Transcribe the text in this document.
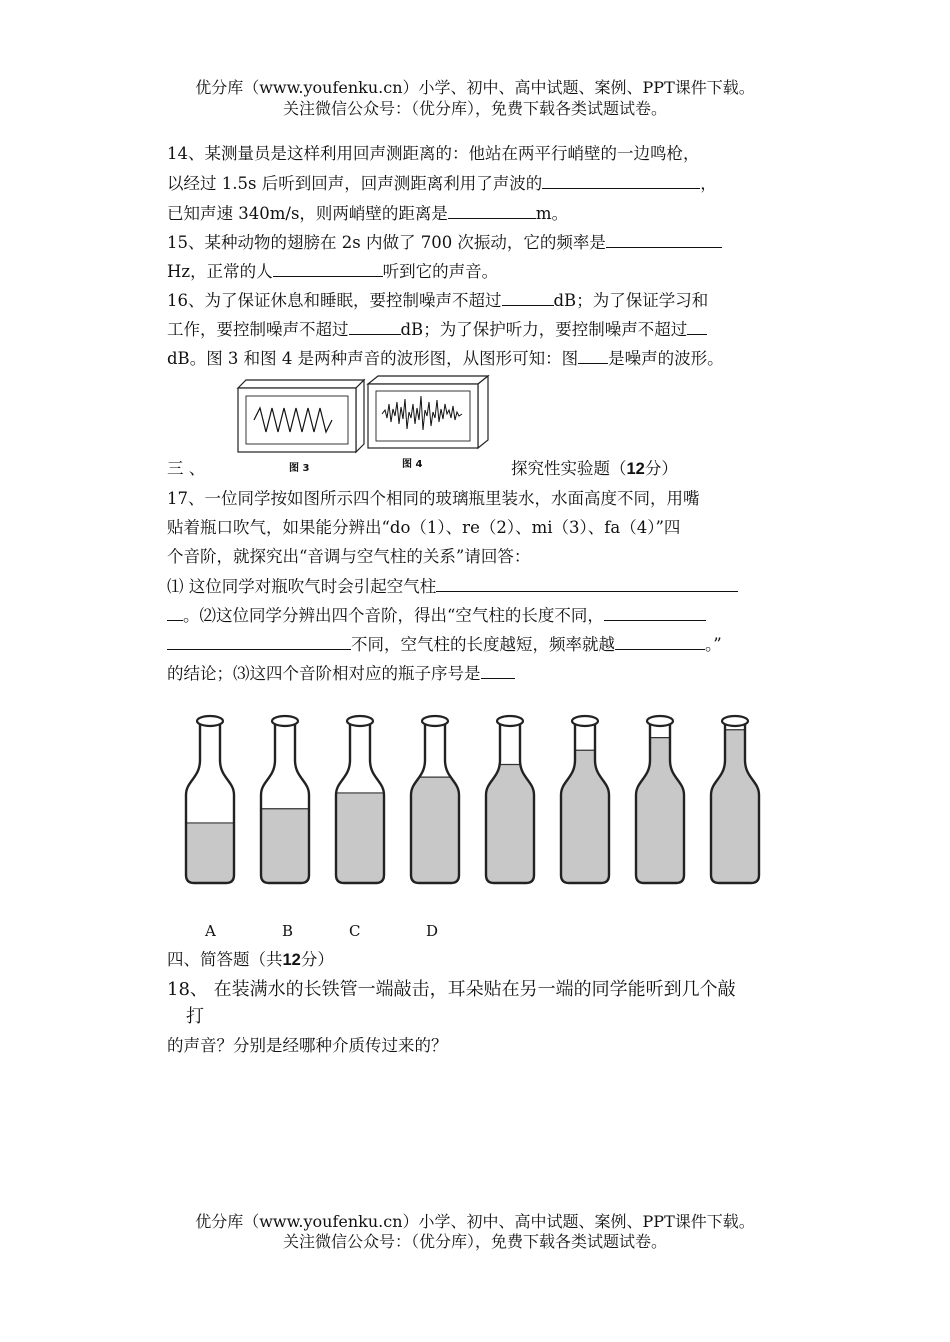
优分库（www.youfenku.cn）小学、初中、高中试题、案例、PPT课件下载。
关注微信公众号：（优分库），免费下载各类试题试卷。
14、某测量员是这样利用回声测距离的：他站在两平行峭壁的一边鸣枪，
以经过 1.5s 后听到回声，回声测距离利用了声波的	，
已知声速 340m/s，则两峭壁的距离是	m。
15、某种动物的翅膀在 2s 内做了 700 次振动，它的频率是
Hz，正常的人	听到它的声音。
16、为了保证休息和睡眠，要控制噪声不超过	dB；为了保证学习和
工作，要控制噪声不超过	dB；为了保护听力，要控制噪声不超过
dB。图 3 和图 4 是两种声音的波形图，从图形可知：图 是噪声的波形。
图 3	图 4
三 、	探究性实验题（12分）
17、一位同学按如图所示四个相同的玻璃瓶里装水，水面高度不同，用嘴
贴着瓶口吹气，如果能分辨出“do（1）、re（2）、mi（3）、fa（4）”四
个音阶，就探究出“音调与空气柱的关系”请回答：
⑴ 这位同学对瓶吹气时会引起空气柱
。⑵这位同学分辨出四个音阶，得出“空气柱的长度不同，
不同，空气柱的长度越短，频率就越	。”
的结论；⑶这四个音阶相对应的瓶子序号是
A	B	C	D
四、简答题（共12分）
18、 在装满水的长铁管一端敲击，耳朵贴在另一端的同学能听到几个敲
打
的声音？分别是经哪种介质传过来的？
优分库（www.youfenku.cn）小学、初中、高中试题、案例、PPT课件下载。
关注微信公众号：（优分库），免费下载各类试题试卷。
